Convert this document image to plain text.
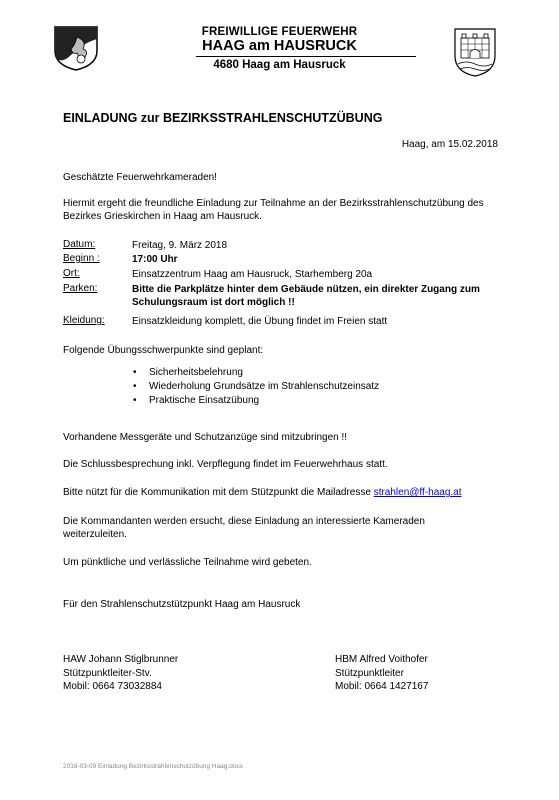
FREIWILLIGE FEUERWEHR
HAAG am HAUSRUCK
4680 Haag am Hausruck
EINLADUNG zur BEZIRKSSTRAHLENSCHUTZÜBUNG
Haag, am 15.02.2018
Geschätzte Feuerwehrkameraden!
Hiermit ergeht die freundliche Einladung zur Teilnahme an der Bezirksstrahlenschutzübung des Bezirkes Grieskirchen in Haag am Hausruck.
Datum:	Freitag, 9. März 2018
Beginn :	17:00 Uhr
Ort:	Einsatzzentrum Haag am Hausruck, Starhemberg 20a
Parken:	Bitte die Parkplätze hinter dem Gebäude nützen, ein direkter Zugang zum Schulungsraum ist dort möglich !!
Kleidung:	Einsatzkleidung komplett, die Übung findet im Freien statt
Folgende Übungsschwerpunkte sind geplant:
• Sicherheitsbelehrung
• Wiederholung Grundsätze im Strahlenschutzeinsatz
• Praktische Einsatzübung
Vorhandene Messgeräte und Schutzanzüge sind mitzubringen !!
Die Schlussbesprechung inkl. Verpflegung findet im Feuerwehrhaus statt.
Bitte nützt für die Kommunikation mit dem Stützpunkt die Mailadresse strahlen@ff-haag.at
Die Kommandanten werden ersucht, diese Einladung an interessierte Kameraden weiterzuleiten.
Um pünktliche und verlässliche Teilnahme wird gebeten.
Für den Strahlenschutzstützpunkt Haag am Hausruck
HAW Johann Stiglbrunner
Stützpunktleiter-Stv.
Mobil: 0664 73032884
HBM Alfred Voithofer
Stützpunktleiter
Mobil: 0664 1427167
2018-03-09 Einladung Bezirksstrahlenschutzübung Haag.docx
